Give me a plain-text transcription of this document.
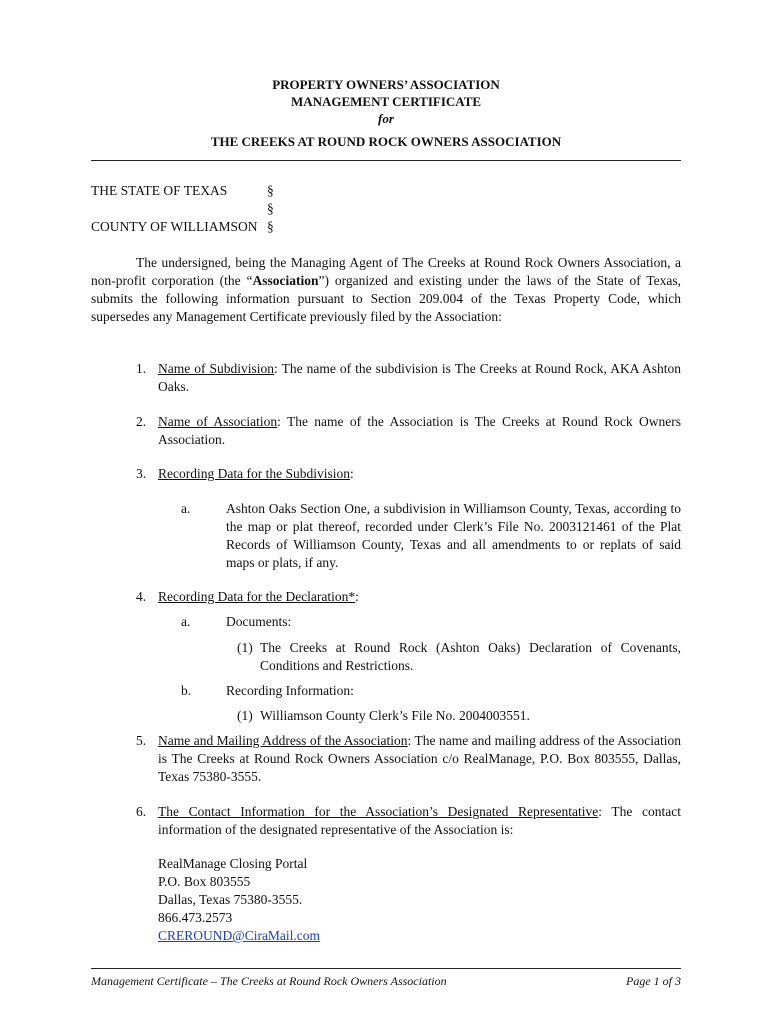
PROPERTY OWNERS’ ASSOCIATION
MANAGEMENT CERTIFICATE
for
THE CREEKS AT ROUND ROCK OWNERS ASSOCIATION
THE STATE OF TEXAS	§
§
COUNTY OF WILLIAMSON §
The undersigned, being the Managing Agent of The Creeks at Round Rock Owners Association, a non-profit corporation (the “Association”) organized and existing under the laws of the State of Texas, submits the following information pursuant to Section 209.004 of the Texas Property Code, which supersedes any Management Certificate previously filed by the Association:
1. Name of Subdivision: The name of the subdivision is The Creeks at Round Rock, AKA Ashton Oaks.
2. Name of Association: The name of the Association is The Creeks at Round Rock Owners Association.
3. Recording Data for the Subdivision:
a.	Ashton Oaks Section One, a subdivision in Williamson County, Texas, according to the map or plat thereof, recorded under Clerk’s File No. 2003121461 of the Plat Records of Williamson County, Texas and all amendments to or replats of said maps or plats, if any.
4. Recording Data for the Declaration*:
a.	Documents:
(1) The Creeks at Round Rock (Ashton Oaks) Declaration of Covenants, Conditions and Restrictions.
b.	Recording Information:
(1) Williamson County Clerk’s File No. 2004003551.
5. Name and Mailing Address of the Association: The name and mailing address of the Association is The Creeks at Round Rock Owners Association c/o RealManage, P.O. Box 803555, Dallas, Texas 75380-3555.
6. The Contact Information for the Association’s Designated Representative: The contact information of the designated representative of the Association is:
RealManage Closing Portal
P.O. Box 803555
Dallas, Texas 75380-3555.
866.473.2573
CREROUND@CiraMail.com
Management Certificate – The Creeks at Round Rock Owners Association	Page 1 of 3
